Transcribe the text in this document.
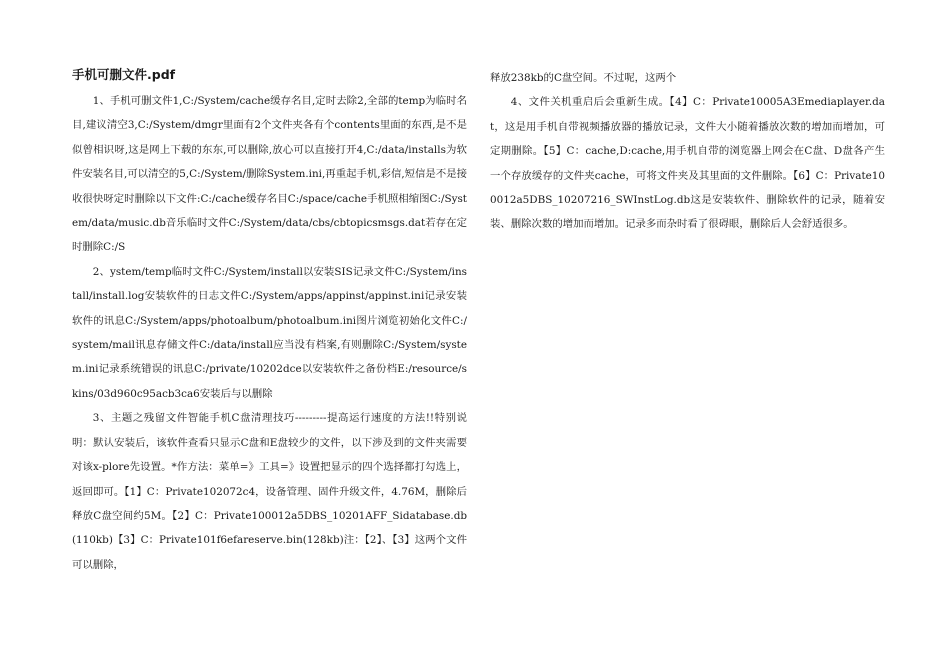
手机可删文件.pdf

1、手机可删文件1,C:/System/cache缓存名目,定时去除2,全部的temp为临时名目,建议清空3,C:/System/dmgr里面有2个文件夹各有个contents里面的东西,是不是似曾相识呀,这是网上下载的东东,可以删除,放心可以直接打开4,C:/data/installs为软件安装名目,可以清空的5,C:/System/删除System.ini,再重起手机,彩信,短信是不是接收很快呀定时删除以下文件:C:/cache缓存名目C:/space/cache手机照相缩图C:/System/data/music.db音乐临时文件C:/System/data/cbs/cbtopicsmsgs.dat若存在定时删除C:/S

2、ystem/temp临时文件C:/System/install以安装SIS记录文件C:/System/install/install.log安装软件的日志文件C:/System/apps/appinst/appinst.ini记录安装软件的讯息C:/System/apps/photoalbum/photoalbum.ini图片浏览初始化文件C:/system/mail讯息存储文件C:/data/install应当没有档案,有则删除C:/System/system.ini记录系统错误的讯息C:/private/10202dce以安装软件之备份档E:/resource/skins/03d960c95acb3ca6安装后与以删除

3、主题之残留文件智能手机C盘清理技巧---------提高运行速度的方法!!特别说明：默认安装后，该软件查看只显示C盘和E盘较少的文件，以下涉及到的文件夹需要对该x-plore先设置。*作方法：菜单=》工具=》设置把显示的四个选择都打勾选上，返回即可。【1】C：Private102072c4，设备管理、固件升级文件，4.76M，删除后释放C盘空间约5M。【2】C：Private100012a5DBS_10201AFF_Sidatabase.db(110kb)【3】C：Private101f6efareserve.bin(128kb)注：【2】、【3】这两个文件可以删除，

释放238kb的C盘空间。不过呢，这两个

4、文件关机重启后会重新生成。【4】C：Private10005A3Emediaplayer.dat，这是用手机自带视频播放器的播放记录，文件大小随着播放次数的增加而增加，可定期删除。【5】C：cache,D:cache,用手机自带的浏览器上网会在C盘、D盘各产生一个存放缓存的文件夹cache，可将文件夹及其里面的文件删除。【6】C：Private100012a5DBS_10207216_SWInstLog.db这是安装软件、删除软件的记录，随着安装、删除次数的增加而增加。记录多而杂时看了很碍眼，删除后人会舒适很多。
